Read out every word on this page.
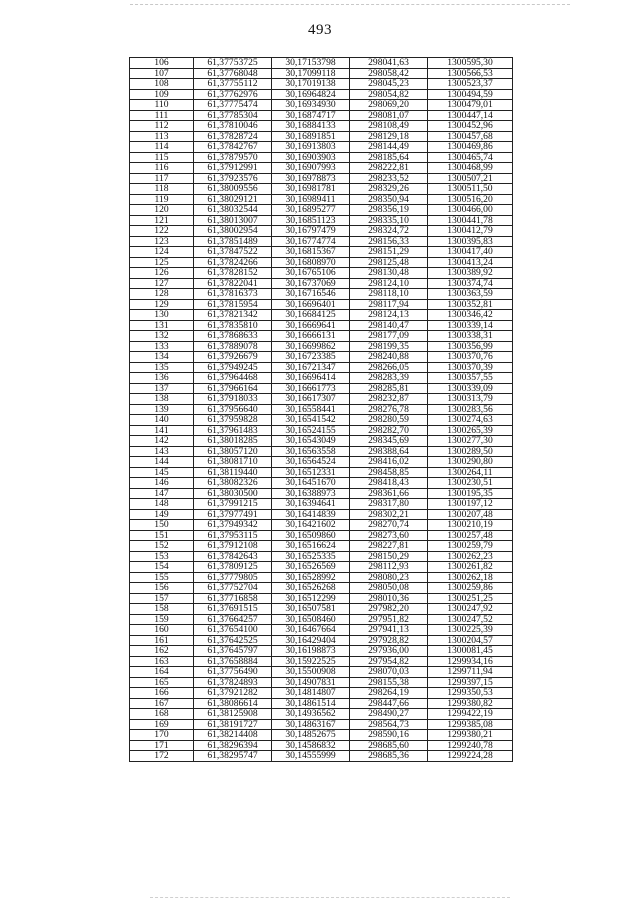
493
106	61,37753725	30,17153798	298041,63	1300595,30
107	61,37768048	30,17099118	298058,42	1300566,53
108	61,37755112	30,17019138	298045,23	1300523,37
109	61,37762976	30,16964824	298054,82	1300494,59
110	61,37775474	30,16934930	298069,20	1300479,01
111	61,37785304	30,16874717	298081,07	1300447,14
112	61,37810046	30,16884133	298108,49	1300452,96
113	61,37828724	30,16891851	298129,18	1300457,68
114	61,37842767	30,16913803	298144,49	1300469,86
115	61,37879570	30,16903903	298185,64	1300465,74
116	61,37912991	30,16907993	298222,81	1300468,99
117	61,37923576	30,16978873	298233,52	1300507,21
118	61,38009556	30,16981781	298329,26	1300511,50
119	61,38029121	30,16989411	298350,94	1300516,20
120	61,38032544	30,16895277	298356,19	1300466,00
121	61,38013007	30,16851123	298335,10	1300441,78
122	61,38002954	30,16797479	298324,72	1300412,79
123	61,37851489	30,16774774	298156,33	1300395,83
124	61,37847522	30,16815367	298151,29	1300417,40
125	61,37824266	30,16808970	298125,48	1300413,24
126	61,37828152	30,16765106	298130,48	1300389,92
127	61,37822041	30,16737069	298124,10	1300374,74
128	61,37816373	30,16716546	298118,10	1300363,59
129	61,37815954	30,16696401	298117,94	1300352,81
130	61,37821342	30,16684125	298124,13	1300346,42
131	61,37835810	30,16669641	298140,47	1300339,14
132	61,37868633	30,16666131	298177,09	1300338,31
133	61,37889078	30,16699862	298199,35	1300356,99
134	61,37926679	30,16723385	298240,88	1300370,76
135	61,37949245	30,16721347	298266,05	1300370,39
136	61,37964468	30,16696414	298283,39	1300357,55
137	61,37966164	30,16661773	298285,81	1300339,09
138	61,37918033	30,16617307	298232,87	1300313,79
139	61,37956640	30,16558441	298276,78	1300283,56
140	61,37959828	30,16541542	298280,59	1300274,63
141	61,37961483	30,16524155	298282,70	1300265,39
142	61,38018285	30,16543049	298345,69	1300277,30
143	61,38057120	30,16563558	298388,64	1300289,50
144	61,38081710	30,16564524	298416,02	1300290,80
145	61,38119440	30,16512331	298458,85	1300264,11
146	61,38082326	30,16451670	298418,43	1300230,51
147	61,38030500	30,16388973	298361,66	1300195,35
148	61,37991215	30,16394641	298317,80	1300197,12
149	61,37977491	30,16414839	298302,21	1300207,48
150	61,37949342	30,16421602	298270,74	1300210,19
151	61,37953115	30,16509860	298273,60	1300257,48
152	61,37912108	30,16516624	298227,81	1300259,79
153	61,37842643	30,16525335	298150,29	1300262,23
154	61,37809125	30,16526569	298112,93	1300261,82
155	61,37779805	30,16528992	298080,23	1300262,18
156	61,37752704	30,16526268	298050,08	1300259,86
157	61,37716858	30,16512299	298010,36	1300251,25
158	61,37691515	30,16507581	297982,20	1300247,92
159	61,37664257	30,16508460	297951,82	1300247,52
160	61,37654100	30,16467664	297941,13	1300225,39
161	61,37642525	30,16429404	297928,82	1300204,57
162	61,37645797	30,16198873	297936,00	1300081,45
163	61,37658884	30,15922525	297954,82	1299934,16
164	61,37756490	30,15500908	298070,03	1299711,94
165	61,37824893	30,14907831	298155,38	1299397,15
166	61,37921282	30,14814807	298264,19	1299350,53
167	61,38086614	30,14861514	298447,66	1299380,82
168	61,38125908	30,14936562	298490,27	1299422,19
169	61,38191727	30,14863167	298564,73	1299385,08
170	61,38214408	30,14852675	298590,16	1299380,21
171	61,38296394	30,14586832	298685,60	1299240,78
172	61,38295747	30,14555999	298685,36	1299224,28
